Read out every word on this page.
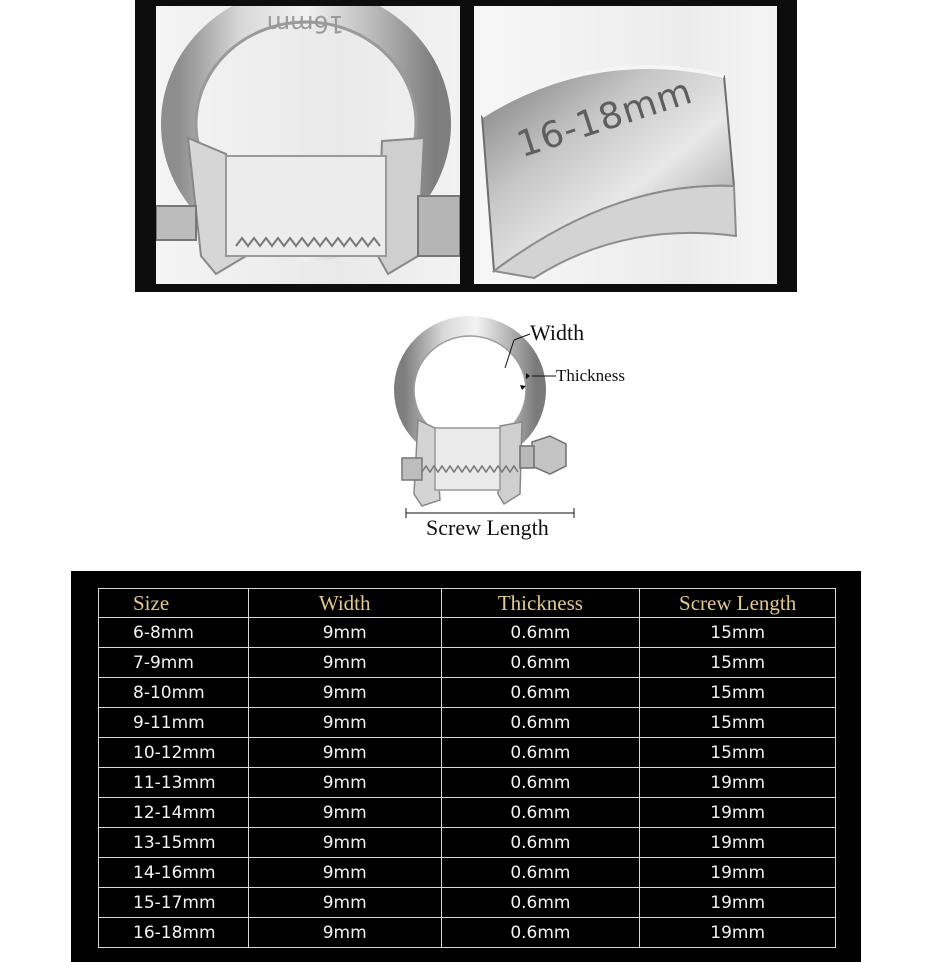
16mm
16-18mm
Width
Thickness
Screw Length
Size	Width	Thickness	Screw Length
6-8mm	9mm	0.6mm	15mm
7-9mm	9mm	0.6mm	15mm
8-10mm	9mm	0.6mm	15mm
9-11mm	9mm	0.6mm	15mm
10-12mm	9mm	0.6mm	15mm
11-13mm	9mm	0.6mm	19mm
12-14mm	9mm	0.6mm	19mm
13-15mm	9mm	0.6mm	19mm
14-16mm	9mm	0.6mm	19mm
15-17mm	9mm	0.6mm	19mm
16-18mm	9mm	0.6mm	19mm
